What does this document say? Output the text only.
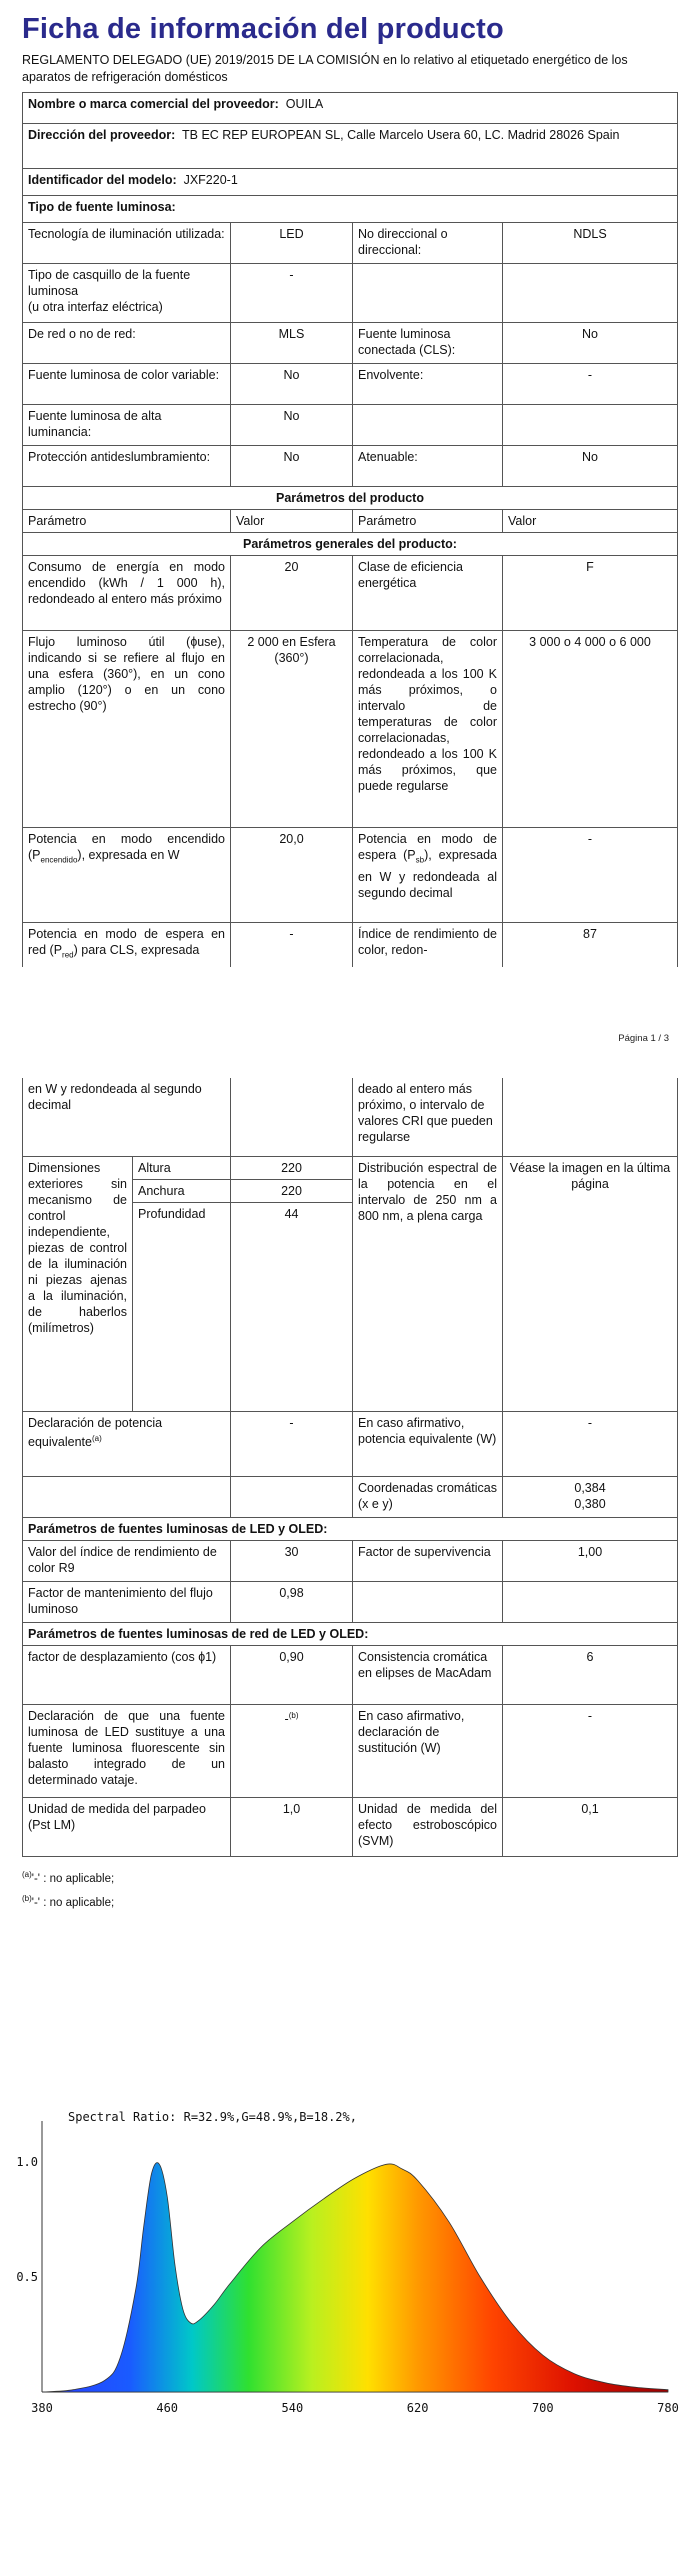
Ficha de información del producto
REGLAMENTO DELEGADO (UE) 2019/2015 DE LA COMISIÓN en lo relativo al etiquetado energético de los aparatos de refrigeración domésticos
Nombre o marca comercial del proveedor: OUILA			
Dirección del proveedor: TB EC REP EUROPEAN SL, Calle Marcelo Usera 60, LC. Madrid 28026 Spain			
Identificador del modelo: JXF220-1			
Tipo de fuente luminosa:			
Tecnología de iluminación utilizada:	LED	No direccional o direccional:	NDLS
Tipo de casquillo de la fuente luminosa
(u otra interfaz eléctrica)	-		
De red o no de red:	MLS	Fuente luminosa conectada (CLS):	No
Fuente luminosa de color variable:	No	Envolvente:	-
Fuente luminosa de alta luminancia:	No		
Protección antideslumbramiento:	No	Atenuable:	No
Parámetros del producto			
Parámetro	Valor	Parámetro	Valor
Parámetros generales del producto:			
Consumo de energía en modo encendido (kWh / 1 000 h), redondeado al entero más próximo	20	Clase de eficiencia energética	F
Flujo luminoso útil (ɸuse), indicando si se refiere al flujo en una esfera (360°), en un cono amplio (120°) o en un cono estrecho (90°)	2 000 en Esfera (360°)	Temperatura de color correlacionada, redondeada a los 100 K más próximos, o intervalo de temperaturas de color correlacionadas, redondeado a los 100 K más próximos, que puede regularse	3 000 o 4 000 o 6 000
Potencia en modo encendido $(P_{encendido})$, expresada en W	20,0	Potencia en modo de espera $(P_{sb})$, expresada en W y redondeada al segundo decimal	-
Potencia en modo de espera en red $(P_{red})$ para CLS, expresada	-	Índice de rendimiento de color, redon-	87
Página 1 / 3
en W y redondeada al segundo decimal			deado al entero más próximo, o intervalo de valores CRI que pueden regularse	
Dimensiones exteriores sin mecanismo de control independiente, piezas de control de la iluminación ni piezas ajenas a la iluminación, de haberlos (milímetros)	Altura	220	Distribución espectral de la potencia en el intervalo de 250 nm a 800 nm, a plena carga	Véase la imagen en la última página
	Anchura	220		
	Profundidad	44		
Declaración de potencia equivalente$^{(a)}$		-	En caso afirmativo, potencia equivalente (W)	-
			Coordenadas cromáticas (x e y)	0,384
0,380
Parámetros de fuentes luminosas de LED y OLED:				
Valor del índice de rendimiento de color R9		30	Factor de supervivencia	1,00
Factor de mantenimiento del flujo luminoso		0,98		
Parámetros de fuentes luminosas de red de LED y OLED:				
factor de desplazamiento (cos ɸ1)		0,90	Consistencia cromática en elipses de MacAdam	6
Declaración de que una fuente luminosa de LED sustituye a una fuente luminosa fluorescente sin balasto integrado de un determinado vataje.		-$^{(b)}$	En caso afirmativo, declaración de sustitución (W)	-
Unidad de medida del parpadeo (Pst LM)		1,0	Unidad de medida del efecto estroboscópico (SVM)	0,1
$^{(a)}$'-' : no aplicable;
$^{(b)}$'-' : no aplicable;
Spectral Ratio: R=32.9%,G=48.9%,B=18.2%,
380	460	540	620	700	780
1.0
0.5
